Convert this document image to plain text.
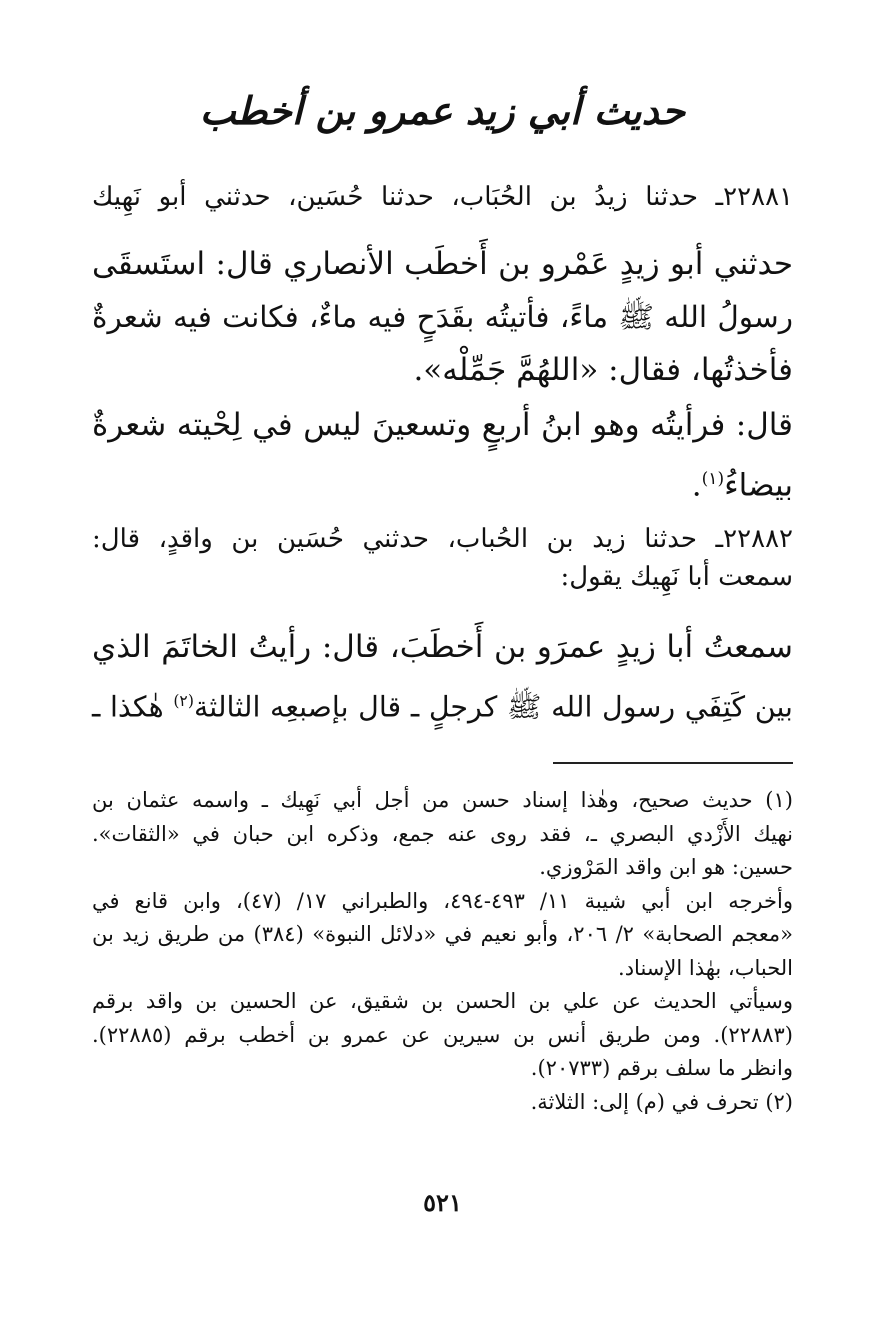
حديث أبي زيد عمرو بن أخطب
٢٢٨٨١ـ حدثنا زيدُ بن الحُبَاب، حدثنا حُسَين، حدثني أبو نَهِيك
حدثني أبو زيدٍ عَمْرو بن أَخطَب الأنصاري قال: استَسقَى
رسولُ الله ﷺ ماءً، فأتيتُه بقَدَحٍ فيه ماءٌ، فكانت فيه شعرةٌ
فأخذتُها، فقال: «اللهُمَّ جَمِّلْه».
قال: فرأيتُه وهو ابنُ أربعٍ وتسعينَ ليس في لِحْيته شعرةٌ
بيضاءُ$^{(١)}$.
٢٢٨٨٢ـ حدثنا زيد بن الحُباب، حدثني حُسَين بن واقدٍ، قال:
سمعت أبا نَهِيك يقول:
سمعتُ أبا زيدٍ عمرَو بن أَخطَبَ، قال: رأيتُ الخاتَمَ الذي
بين كَتِفَي رسول الله ﷺ كرجلٍ ـ قال بإصبعِه الثالثة$^{(٢)}$ هٰكذا ـ
(١) حديث صحيح، وهٰذا إسناد حسن من أجل أبي نَهِيك ـ واسمه عثمان بن
نهيك الأَزْدي البصري ـ، فقد روى عنه جمع، وذكره ابن حبان في «الثقات».
حسين: هو ابن واقد المَرْوزي.
وأخرجه ابن أبي شيبة ١١/ ٤٩٣-٤٩٤، والطبراني ١٧/ (٤٧)، وابن قانع في
«معجم الصحابة» ٢/ ٢٠٦، وأبو نعيم في «دلائل النبوة» (٣٨٤) من طريق زيد بن
الحباب، بهٰذا الإسناد.
وسيأتي الحديث عن علي بن الحسن بن شقيق، عن الحسين بن واقد برقم
(٢٢٨٨٣). ومن طريق أنس بن سيرين عن عمرو بن أخطب برقم (٢٢٨٨٥).
وانظر ما سلف برقم (٢٠٧٣٣).
(٢) تحرف في (م) إلى: الثلاثة.
٥٢١
